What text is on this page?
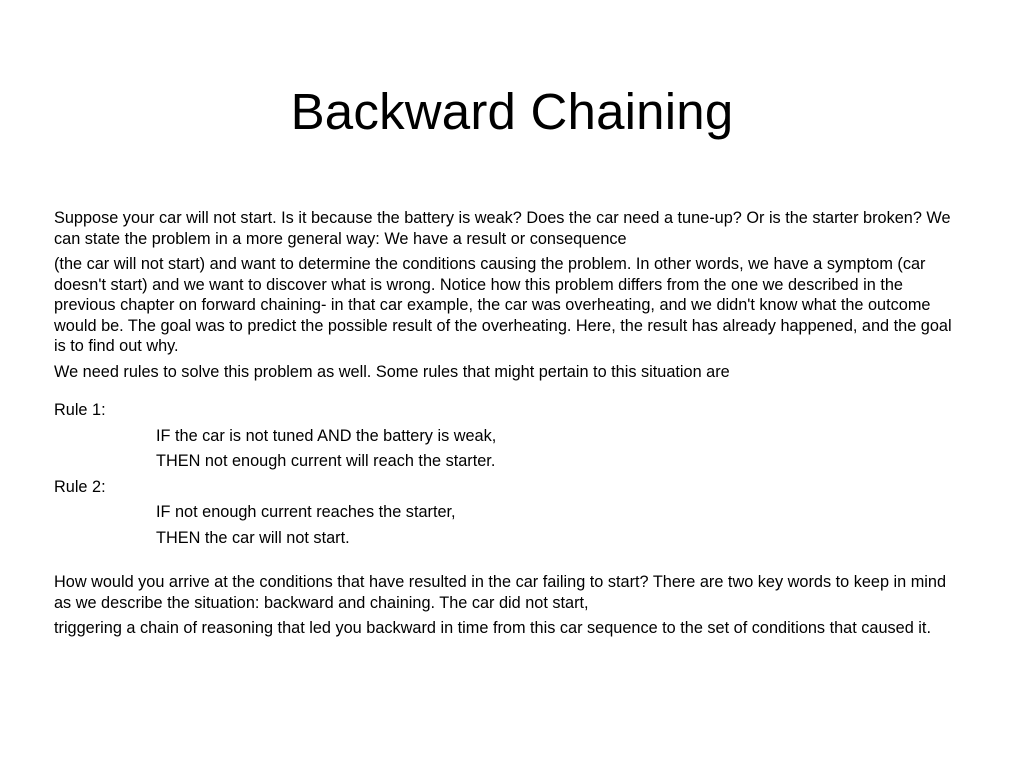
Backward Chaining

Suppose your car will not start. Is it because the battery is weak? Does the car need a tune-up? Or is the starter broken? We can state the problem in a more general way: We have a result or consequence

(the car will not start) and want to determine the conditions causing the problem. In other words, we have a symptom (car doesn't start) and we want to discover what is wrong. Notice how this problem differs from the one we described in the previous chapter on forward chaining- in that car example, the car was overheating, and we didn't know what the outcome would be. The goal was to predict the possible result of the overheating. Here, the result has already happened, and the goal is to find out why.

We need rules to solve this problem as well. Some rules that might pertain to this situation are

Rule 1:

IF the car is not tuned AND the battery is weak,

THEN not enough current will reach the starter.

Rule 2:

IF not enough current reaches the starter,

THEN the car will not start.

How would you arrive at the conditions that have resulted in the car failing to start? There are two key words to keep in mind as we describe the situation: backward and chaining. The car did not start,

triggering a chain of reasoning that led you backward in time from this car sequence to the set of conditions that caused it.
